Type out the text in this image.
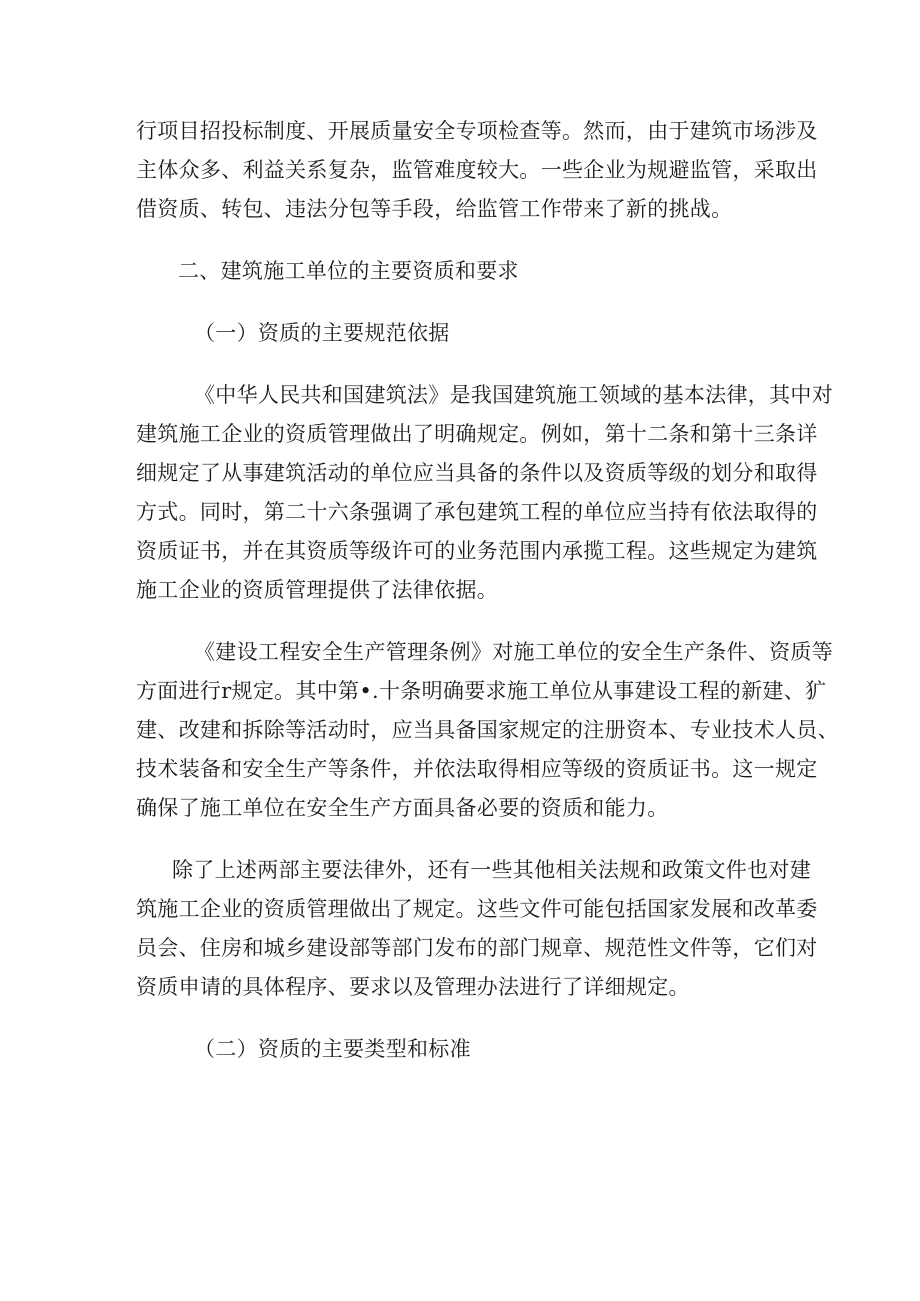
行项目招投标制度、开展质量安全专项检查等。然而，由于建筑市场涉及
主体众多、利益关系复杂，监管难度较大。一些企业为规避监管，采取出
借资质、转包、违法分包等手段，给监管工作带来了新的挑战。

二、建筑施工单位的主要资质和要求

（一）资质的主要规范依据

《中华人民共和国建筑法》是我国建筑施工领域的基本法律，其中对
建筑施工企业的资质管理做出了明确规定。例如，第十二条和第十三条详
细规定了从事建筑活动的单位应当具备的条件以及资质等级的划分和取得
方式。同时，第二十六条强调了承包建筑工程的单位应当持有依法取得的
资质证书，并在其资质等级许可的业务范围内承揽工程。这些规定为建筑
施工企业的资质管理提供了法律依据。

《建设工程安全生产管理条例》对施工单位的安全生产条件、资质等
方面进行r规定。其中第•.十条明确要求施工单位从事建设工程的新建、犷
建、改建和拆除等活动时，应当具备国家规定的注册资本、专业技术人员、
技术装备和安全生产等条件，并依法取得相应等级的资质证书。这一规定
确保了施工单位在安全生产方面具备必要的资质和能力。

除了上述两部主要法律外，还有一些其他相关法规和政策文件也对建
筑施工企业的资质管理做出了规定。这些文件可能包括国家发展和改革委
员会、住房和城乡建设部等部门发布的部门规章、规范性文件等，它们对
资质申请的具体程序、要求以及管理办法进行了详细规定。

（二）资质的主要类型和标准
